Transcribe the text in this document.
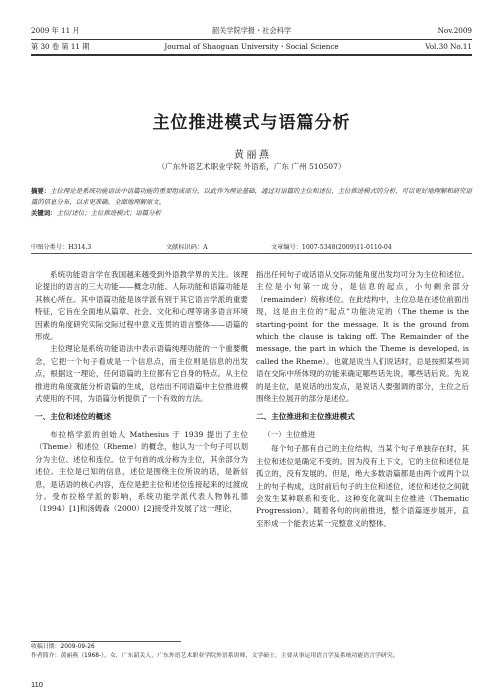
2009 年 11 月	韶关学院学报・社会科学	Nov.2009
第 30 卷 第 11 期	Journal of Shaoguan University・Social Science	Vol.30 No.11
主位推进模式与语篇分析
黄 丽 燕
（广东外语艺术职业学院 外语系，广东 广州 510507）
摘要：主位理论是系统功能语法中语篇功能的重要组成部分，以此作为理论基础，通过对语篇的主位和述位、主位推进模式的分析，可以更好地理解和研究语篇的信息分布，以求更准确、全面地理解原文。
关键词：主位/述位；主位推进模式；语篇分析
中图分类号：H314.3	文献标识码：A	文章编号：1007-5348(2009)11-0110-04

系统功能语言学在我国越来越受到外语教学界的关注。该理论提出的语言的三大功能——概念功能、人际功能和语篇功能是其核心所在。其中语篇功能是该学派有别于其它语言学派的重要特征，它旨在全面地从篇章、社会、文化和心理等诸多语言环境因素的角度研究实际交际过程中意义连贯的语言整体——语篇的形成。

主位理论是系统功能语法中表示语篇纯理功能的一个重要概念，它把一个句子看成是一个信息点，而主位则是信息的出发点，根据这一理论，任何语篇的主位都有它自身的特点。从主位推进的角度就能分析语篇的生成，总结出不同语篇中主位推进模式使用的不同，为语篇分析提供了一个有效的方法。

一、主位和述位的概述

布拉格学派的创始人 Mathesius 于 1939 提出了主位（Theme）和述位（Rheme）的概念，他认为一个句子可以划分为主位、述位和连位。位于句首的成分称为主位，其余部分为述位。主位是已知的信息，述位是围绕主位所说的话，是新信息，是话语的核心内容，连位是把主位和述位连接起来的过渡成分。受布拉格学派的影响，系统功能学派代表人物韩礼德（1994）[1]和汤姆森（2000）[2]接受并发展了这一理论，

指出任何句子或话语从交际功能角度出发均可分为主位和述位。主位是小句第一成分，是信息的起点，小句剩余部分（remainder）统称述位。在此结构中，主位总是在述位前面出现，这是由主位的“起点”功能决定的（The theme is the starting-point for the message. It is the ground from which the clause is taking off. The Remainder of the message, the part in which the Theme is developed, is called the Rheme）。也就是说当人们说话时，总是按照某些词语在交际中所体现的功能来确定哪些话先说，哪些话后说。先说的是主位，是说话的出发点，是说话人要强调的部分，主位之后围绕主位展开的部分是述位。

二、主位推进和主位推进模式
（一）主位推进

每个句子都有自己的主位结构，当某个句子单独存在时，其主位和述位是确定不变的。因为没有上下文，它的主位和述位是孤立的，没有发展的。但是，绝大多数语篇都是由两个或两个以上的句子构成，这时前后句子的主位和述位，述位和述位之间就会发生某种联系和变化。这种变化就叫主位推进（Thematic Progression）。随着各句的向前推进，整个语篇逐步展开，直至形成一个能表达某一完整意义的整体。

收稿日期：2009-09-26
作者简介：黄丽燕（1968-），女，广东韶关人，广东外语艺术职业学院外语系讲师，文学硕士，主要从事运用语言学及系统功能语言学研究。
110
